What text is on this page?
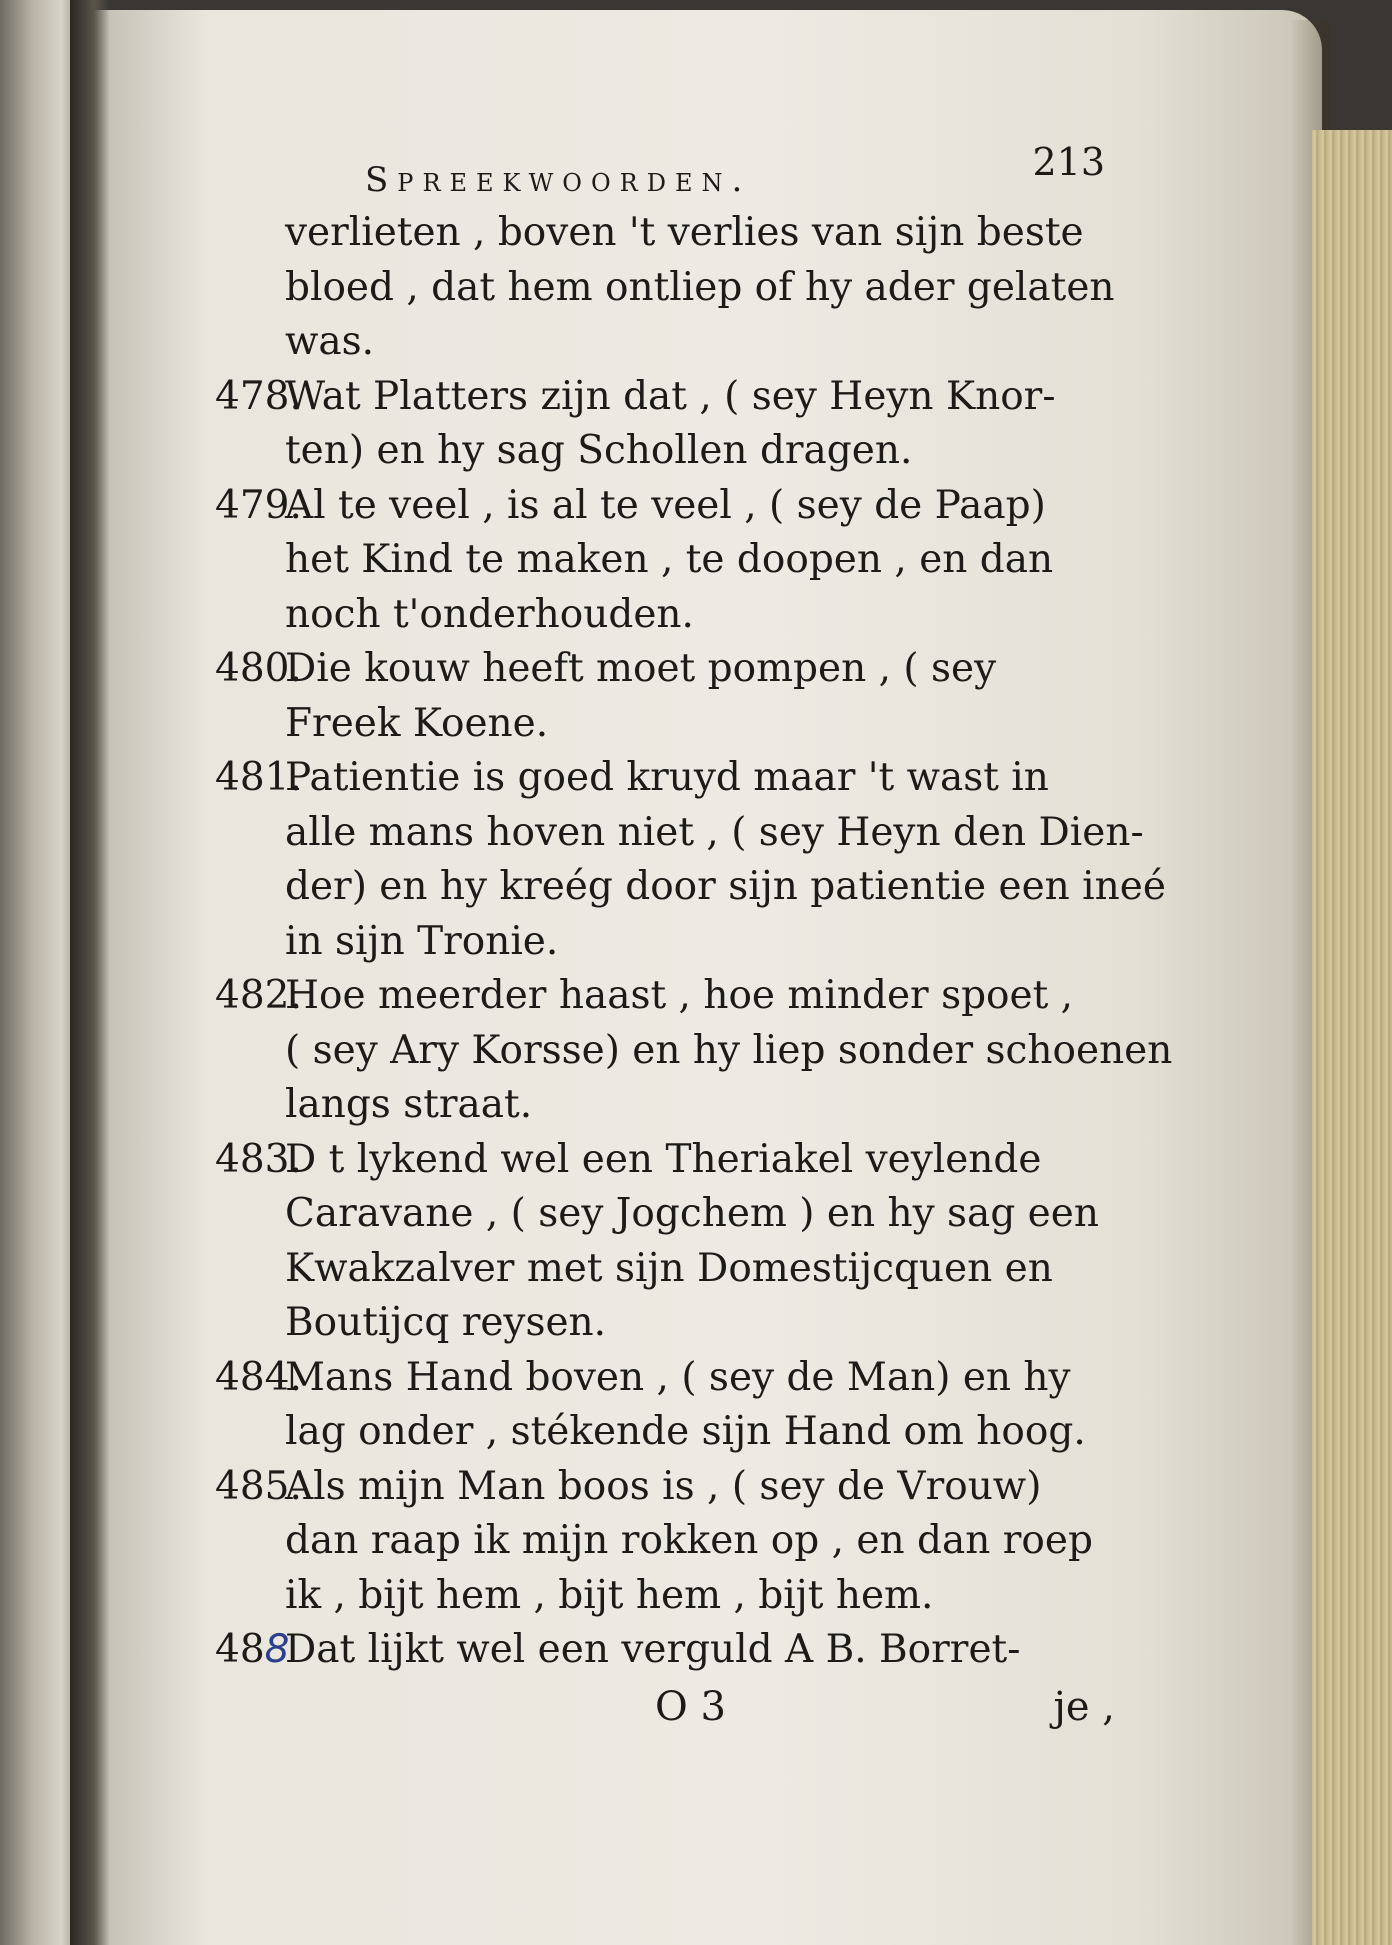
Spreekwoorden.	213
verlieten , boven 't verlies van sijn beste
bloed , dat hem ontliep of hy ader gelaten
was.
478.Wat Platters zijn dat , ( sey Heyn Knor-
ten) en hy sag Schollen dragen.
479.Al te veel , is al te veel , ( sey de Paap)
het Kind te maken , te doopen , en dan
noch t'onderhouden.
480.Die kouw heeft moet pompen , ( sey
Freek Koene.
481.Patientie is goed kruyd maar 't wast in
alle mans hoven niet , ( sey Heyn den Dien-
der) en hy kreég door sijn patientie een ineé
in sijn Tronie.
482.Hoe meerder haast , hoe minder spoet ,
( sey Ary Korsse) en hy liep sonder schoenen
langs straat.
483.D t lykend wel een Theriakel veylende
Caravane , ( sey Jogchem ) en hy sag een
Kwakzalver met sijn Domestijcquen en
Boutijcq reysen.
484.Mans Hand boven , ( sey de Man) en hy
lag onder , stékende sijn Hand om hoog.
485.Als mijn Man boos is , ( sey de Vrouw)
dan raap ik mijn rokken op , en dan roep
ik , bijt hem , bijt hem , bijt hem.
488Dat lijkt wel een verguld A B. Borret-
O 3	je ,
